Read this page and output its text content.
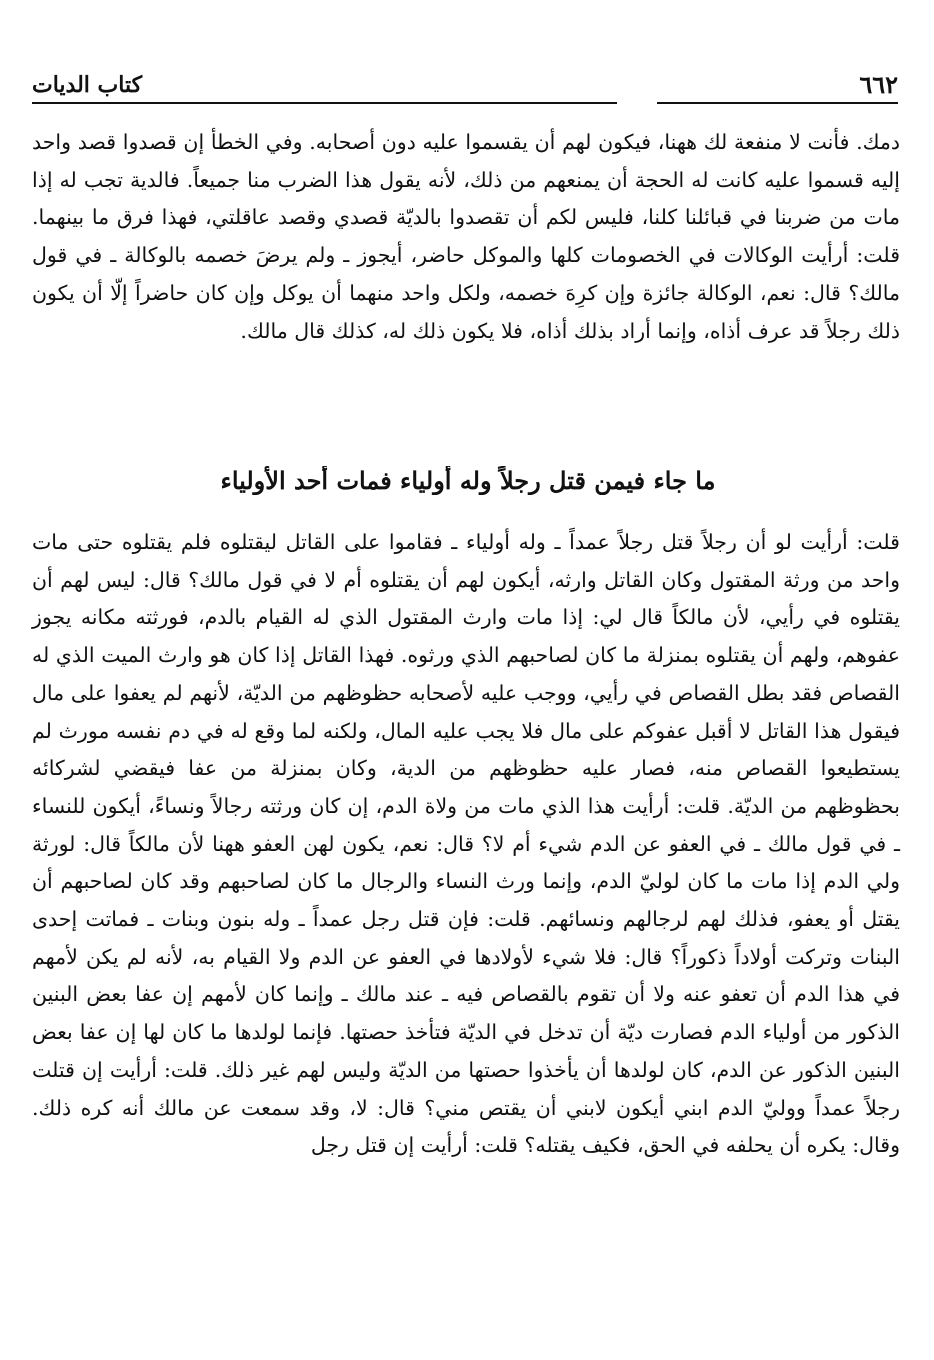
كتاب الديات	٦٦٢

دمك. فأنت لا منفعة لك ههنا، فيكون لهم أن يقسموا عليه دون أصحابه. وفي الخطأ إن قصدوا قصد واحد إليه قسموا عليه كانت له الحجة أن يمنعهم من ذلك، لأنه يقول هذا الضرب منا جميعاً. فالدية تجب له إذا مات من ضربنا في قبائلنا كلنا، فليس لكم أن تقصدوا بالديّة قصدي وقصد عاقلتي، فهذا فرق ما بينهما. قلت: أرأيت الوكالات في الخصومات كلها والموكل حاضر، أيجوز ـ ولم يرضَ خصمه بالوكالة ـ في قول مالك؟ قال: نعم، الوكالة جائزة وإن كرِهَ خصمه، ولكل واحد منهما أن يوكل وإن كان حاضراً إلّا أن يكون ذلك رجلاً قد عرف أذاه، وإنما أراد بذلك أذاه، فلا يكون ذلك له، كذلك قال مالك.

ما جاء فيمن قتل رجلاً وله أولياء فمات أحد الأولياء

قلت: أرأيت لو أن رجلاً قتل رجلاً عمداً ـ وله أولياء ـ فقاموا على القاتل ليقتلوه فلم يقتلوه حتى مات واحد من ورثة المقتول وكان القاتل وارثه، أيكون لهم أن يقتلوه أم لا في قول مالك؟ قال: ليس لهم أن يقتلوه في رأيي، لأن مالكاً قال لي: إذا مات وارث المقتول الذي له القيام بالدم، فورثته مكانه يجوز عفوهم، ولهم أن يقتلوه بمنزلة ما كان لصاحبهم الذي ورثوه. فهذا القاتل إذا كان هو وارث الميت الذي له القصاص فقد بطل القصاص في رأيي، ووجب عليه لأصحابه حظوظهم من الديّة، لأنهم لم يعفوا على مال فيقول هذا القاتل لا أقبل عفوكم على مال فلا يجب عليه المال، ولكنه لما وقع له في دم نفسه مورث لم يستطيعوا القصاص منه، فصار عليه حظوظهم من الدية، وكان بمنزلة من عفا فيقضي لشركائه بحظوظهم من الديّة. قلت: أرأيت هذا الذي مات من ولاة الدم، إن كان ورثته رجالاً ونساءً، أيكون للنساء ـ في قول مالك ـ في العفو عن الدم شيء أم لا؟ قال: نعم، يكون لهن العفو ههنا لأن مالكاً قال: لورثة ولي الدم إذا مات ما كان لوليّ الدم، وإنما ورث النساء والرجال ما كان لصاحبهم وقد كان لصاحبهم أن يقتل أو يعفو، فذلك لهم لرجالهم ونسائهم. قلت: فإن قتل رجل عمداً ـ وله بنون وبنات ـ فماتت إحدى البنات وتركت أولاداً ذكوراً؟ قال: فلا شيء لأولادها في العفو عن الدم ولا القيام به، لأنه لم يكن لأمهم في هذا الدم أن تعفو عنه ولا أن تقوم بالقصاص فيه ـ عند مالك ـ وإنما كان لأمهم إن عفا بعض البنين الذكور من أولياء الدم فصارت ديّة أن تدخل في الديّة فتأخذ حصتها. فإنما لولدها ما كان لها إن عفا بعض البنين الذكور عن الدم، كان لولدها أن يأخذوا حصتها من الديّة وليس لهم غير ذلك. قلت: أرأيت إن قتلت رجلاً عمداً ووليّ الدم ابني أيكون لابني أن يقتص مني؟ قال: لا، وقد سمعت عن مالك أنه كره ذلك. وقال: يكره أن يحلفه في الحق، فكيف يقتله؟ قلت: أرأيت إن قتل رجل
